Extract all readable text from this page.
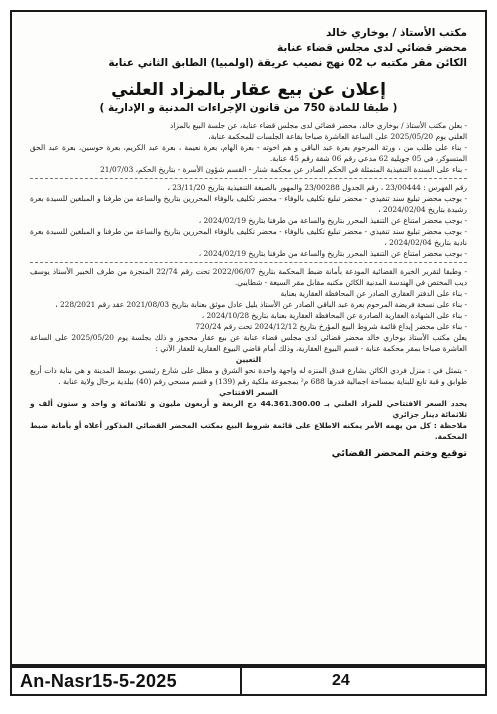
مكتب الأستاذ / بوخاري خالد
محضر قضائي لدى مجلس قضاء عنابة
الكائن مقر مكتبه ب 02 نهج نصيب عريقة (اولمبيا) الطابق الثاني عنابة
إعلان عن بيع عقار بالمزاد العلني
( طبقا للمادة 750 من قانون الإجراءات المدنية و الإدارية )

- بعلن مكتب الأستاذ / بوخاري خالد، محضر قضائي لدى مجلس قضاء عنابة، عن جلسة البيع بالمزاد

العلني يوم 2025/05/20 على الساعة العاشرة صباحا بقاعة الجلسات للمحكمة عنابة،

- بناء على طلب من ، ورثة المرحوم بعرة عبد الباقي و هم اخوته - بعرة الهام، بعرة نعيمة ، بعرة عبد الكريم، بعرة حوسين، بعرة عبد الحق المتسوكر، في 05 جويلية 62 مدعي رقم 06 شقة رقم 45 عنابة.

- بناء على السندة التنفيذية المتمثلة في الحكم الصادر عن محكمة شنار - القسم شؤون الأسرة - بتاريخ الحكم، 21/07/03

رقم الفهرس : 23/00444 ، رقم الجدول 23/00288 والمهور بالصيغة التنفيذية بتاريخ 23/11/20 ،

- بوجب محضر تبليغ سند تنفيذي - محضر تبليغ تكليف بالوفاء - محضر تكليف بالوفاء المحررين بتاريخ والساعة من طرفنا و المبلغين للسيدة بعرة رشيدة بتاريخ 2024/02/04 ،

- بوجب محضر امتناع عن التنفيذ المحرر بتاريخ والساعة من طرفنا بتاريخ 2024/02/19 ،

- بوجب محضر تبليغ سند تنفيذي - محضر تبليغ تكليف بالوفاء - محضر تكليف بالوفاء المحررين بتاريخ والساعة من طرفنا و المبلغين للسيدة بعرة نادية بتاريخ 2024/02/04 ،

- بوجب محضر امتناع عن التنفيذ المحرر بتاريخ والساعة من طرفنا بتاريخ 2024/02/19 ،

- وطبقا لتقرير الخبرة القضائية المودعة بأمانة ضبط المحكمة بتاريخ 2022/06/07 تحت رقم 22/74 المنجزة من طرف الخبير الأستاذ يوسف ديب المختص في الهندسة المدنية الكائن مكتبه مقابل مقر السيعة - شطايبي.

- بناء على الدفتر العقاري الصادر عن المحافظة العقارية بعنابة

- بناء على نسخة فريضة المرحوم بعرة عبد الباقي الصادر عن الأستاذ بليل عادل موثق بعنابة بتاريخ 2021/08/03 عقد رقم 228/2021 ،

- بناء على الشهادة العقارية الصادرة عن المحافظة العقارية بعنابة بتاريخ 2024/10/28 ،

- بناء على محضر إيداع قائمة شروط البيع المؤرخ بتاريخ 2024/12/12 تحت رقم 720/24

يعلن مكتب الأستاذ بوخاري خالد محضر قضائي لدى مجلس قضاء عنابة عن بيع عقار محجوز و ذلك بجلسة يوم 2025/05/20 على الساعة العاشرة صباحا بمقر محكمة عنابة - قسم البيوع العقارية، وذلك أمام قاضي البيوع العقارية للعقار الآتي :

التعيين

- يتمثل في : منزل فردي الكائن بشارع فندق المنزه له واجهة واحدة نحو الشرق و مطل على شارع رئيسي بوسط المدينة و هي بناية ذات أربع طوابق و قبة تابع للبناية بمساحة اجمالية قدرها 688 م² بمجموعة ملكية رقم (139) و قسم مسحي رقم (40) ببلدية برحال ولاية عنابة .

السعر الافتتاحي

يحدد السعر الافتتاحي للمزاد العلني بـ 44.361.300.00 دج الربعة و أربعون مليون و ثلاثمائة و واحد و ستون ألف و ثلاثمائة دينار جزائري

ملاحظة : كل من يهمه الأمر يمكنه الاطلاع على قائمة شروط البيع بمكتب المحضر القضائي المذكور أعلاه أو بأمانة ضبط المحكمة.

توقيع وختم المحضر القضائي
An-Nasr15-5-2025	24
